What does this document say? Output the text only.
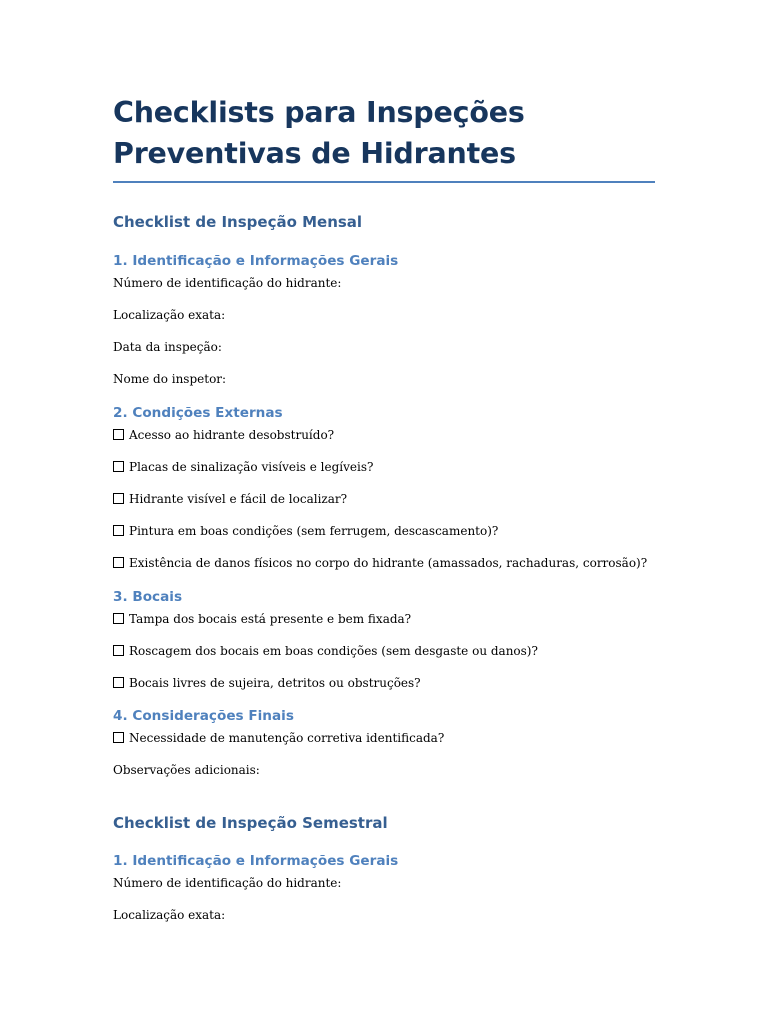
Checklists para Inspeções Preventivas de Hidrantes
Checklist de Inspeção Mensal
1. Identificação e Informações Gerais

Número de identificação do hidrante:

Localização exata:

Data da inspeção:

Nome do inspetor:

2. Condições Externas

Acesso ao hidrante desobstruído?

Placas de sinalização visíveis e legíveis?

Hidrante visível e fácil de localizar?

Pintura em boas condições (sem ferrugem, descascamento)?

Existência de danos físicos no corpo do hidrante (amassados, rachaduras, corrosão)?

3. Bocais

Tampa dos bocais está presente e bem fixada?

Roscagem dos bocais em boas condições (sem desgaste ou danos)?

Bocais livres de sujeira, detritos ou obstruções?

4. Considerações Finais

Necessidade de manutenção corretiva identificada?

Observações adicionais:

Checklist de Inspeção Semestral
1. Identificação e Informações Gerais

Número de identificação do hidrante:

Localização exata:
